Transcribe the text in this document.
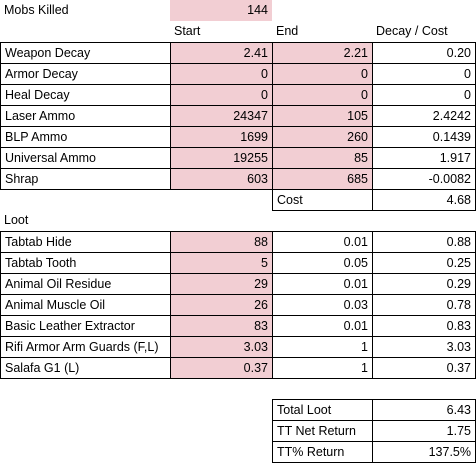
Mobs Killed	144
Start	End	Decay / Cost
Weapon Decay	2.41	2.21	0.20
Armor Decay	0	0	0
Heal Decay	0	0	0
Laser Ammo	24347	105	2.4242
BLP Ammo	1699	260	0.1439
Universal Ammo	19255	85	1.917
Shrap	603	685	-0.0082
Cost	4.68
Loot
Tabtab Hide	88	0.01	0.88
Tabtab Tooth	5	0.05	0.25
Animal Oil Residue	29	0.01	0.29
Animal Muscle Oil	26	0.03	0.78
Basic Leather Extractor	83	0.01	0.83
Rifi Armor Arm Guards (F,L)	3.03	1	3.03
Salafa G1 (L)	0.37	1	0.37
Total Loot	6.43
TT Net Return	1.75
TT% Return	137.5%
